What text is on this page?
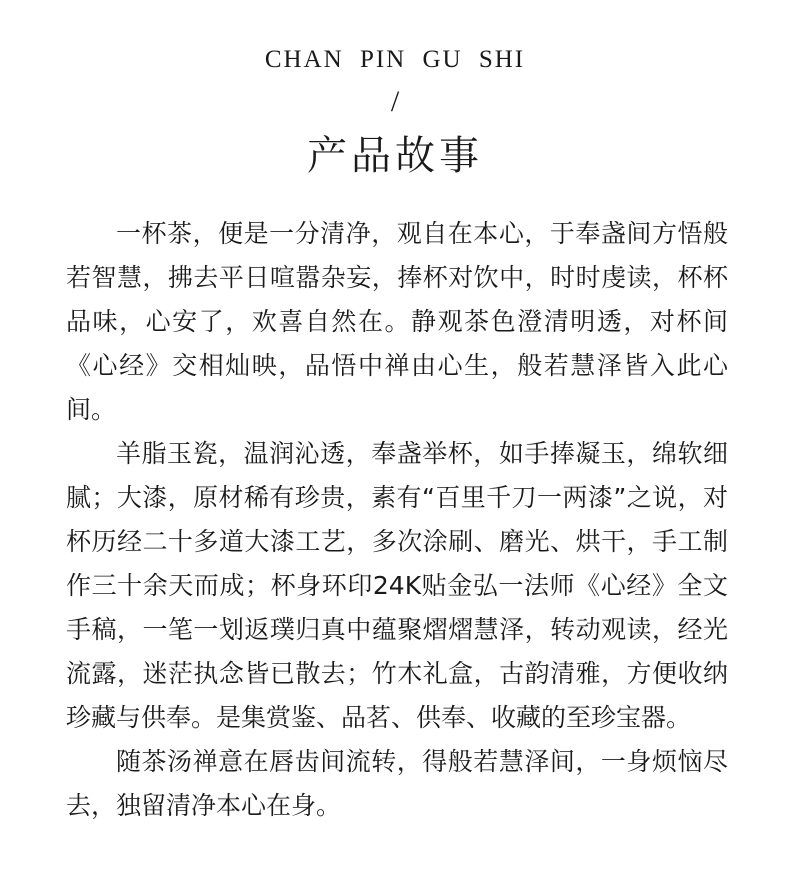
CHAN PIN GU SHI
/
产品故事

一杯茶，便是一分清净，观自在本心，于奉盏间方悟般若智慧，拂去平日喧嚣杂妄，捧杯对饮中，时时虔读，杯杯品味，心安了，欢喜自然在。静观茶色澄清明透，对杯间《心经》交相灿映，品悟中禅由心生，般若慧泽皆入此心间。

羊脂玉瓷，温润沁透，奉盏举杯，如手捧凝玉，绵软细腻；大漆，原材稀有珍贵，素有“百里千刀一两漆”之说，对杯历经二十多道大漆工艺，多次涂刷、磨光、烘干，手工制作三十余天而成；杯身环印24K贴金弘一法师《心经》全文手稿，一笔一划返璞归真中蕴聚熠熠慧泽，转动观读，经光流露，迷茫执念皆已散去；竹木礼盒，古韵清雅，方便收纳珍藏与供奉。是集赏鉴、品茗、供奉、收藏的至珍宝器。

随茶汤禅意在唇齿间流转，得般若慧泽间，一身烦恼尽去，独留清净本心在身。
